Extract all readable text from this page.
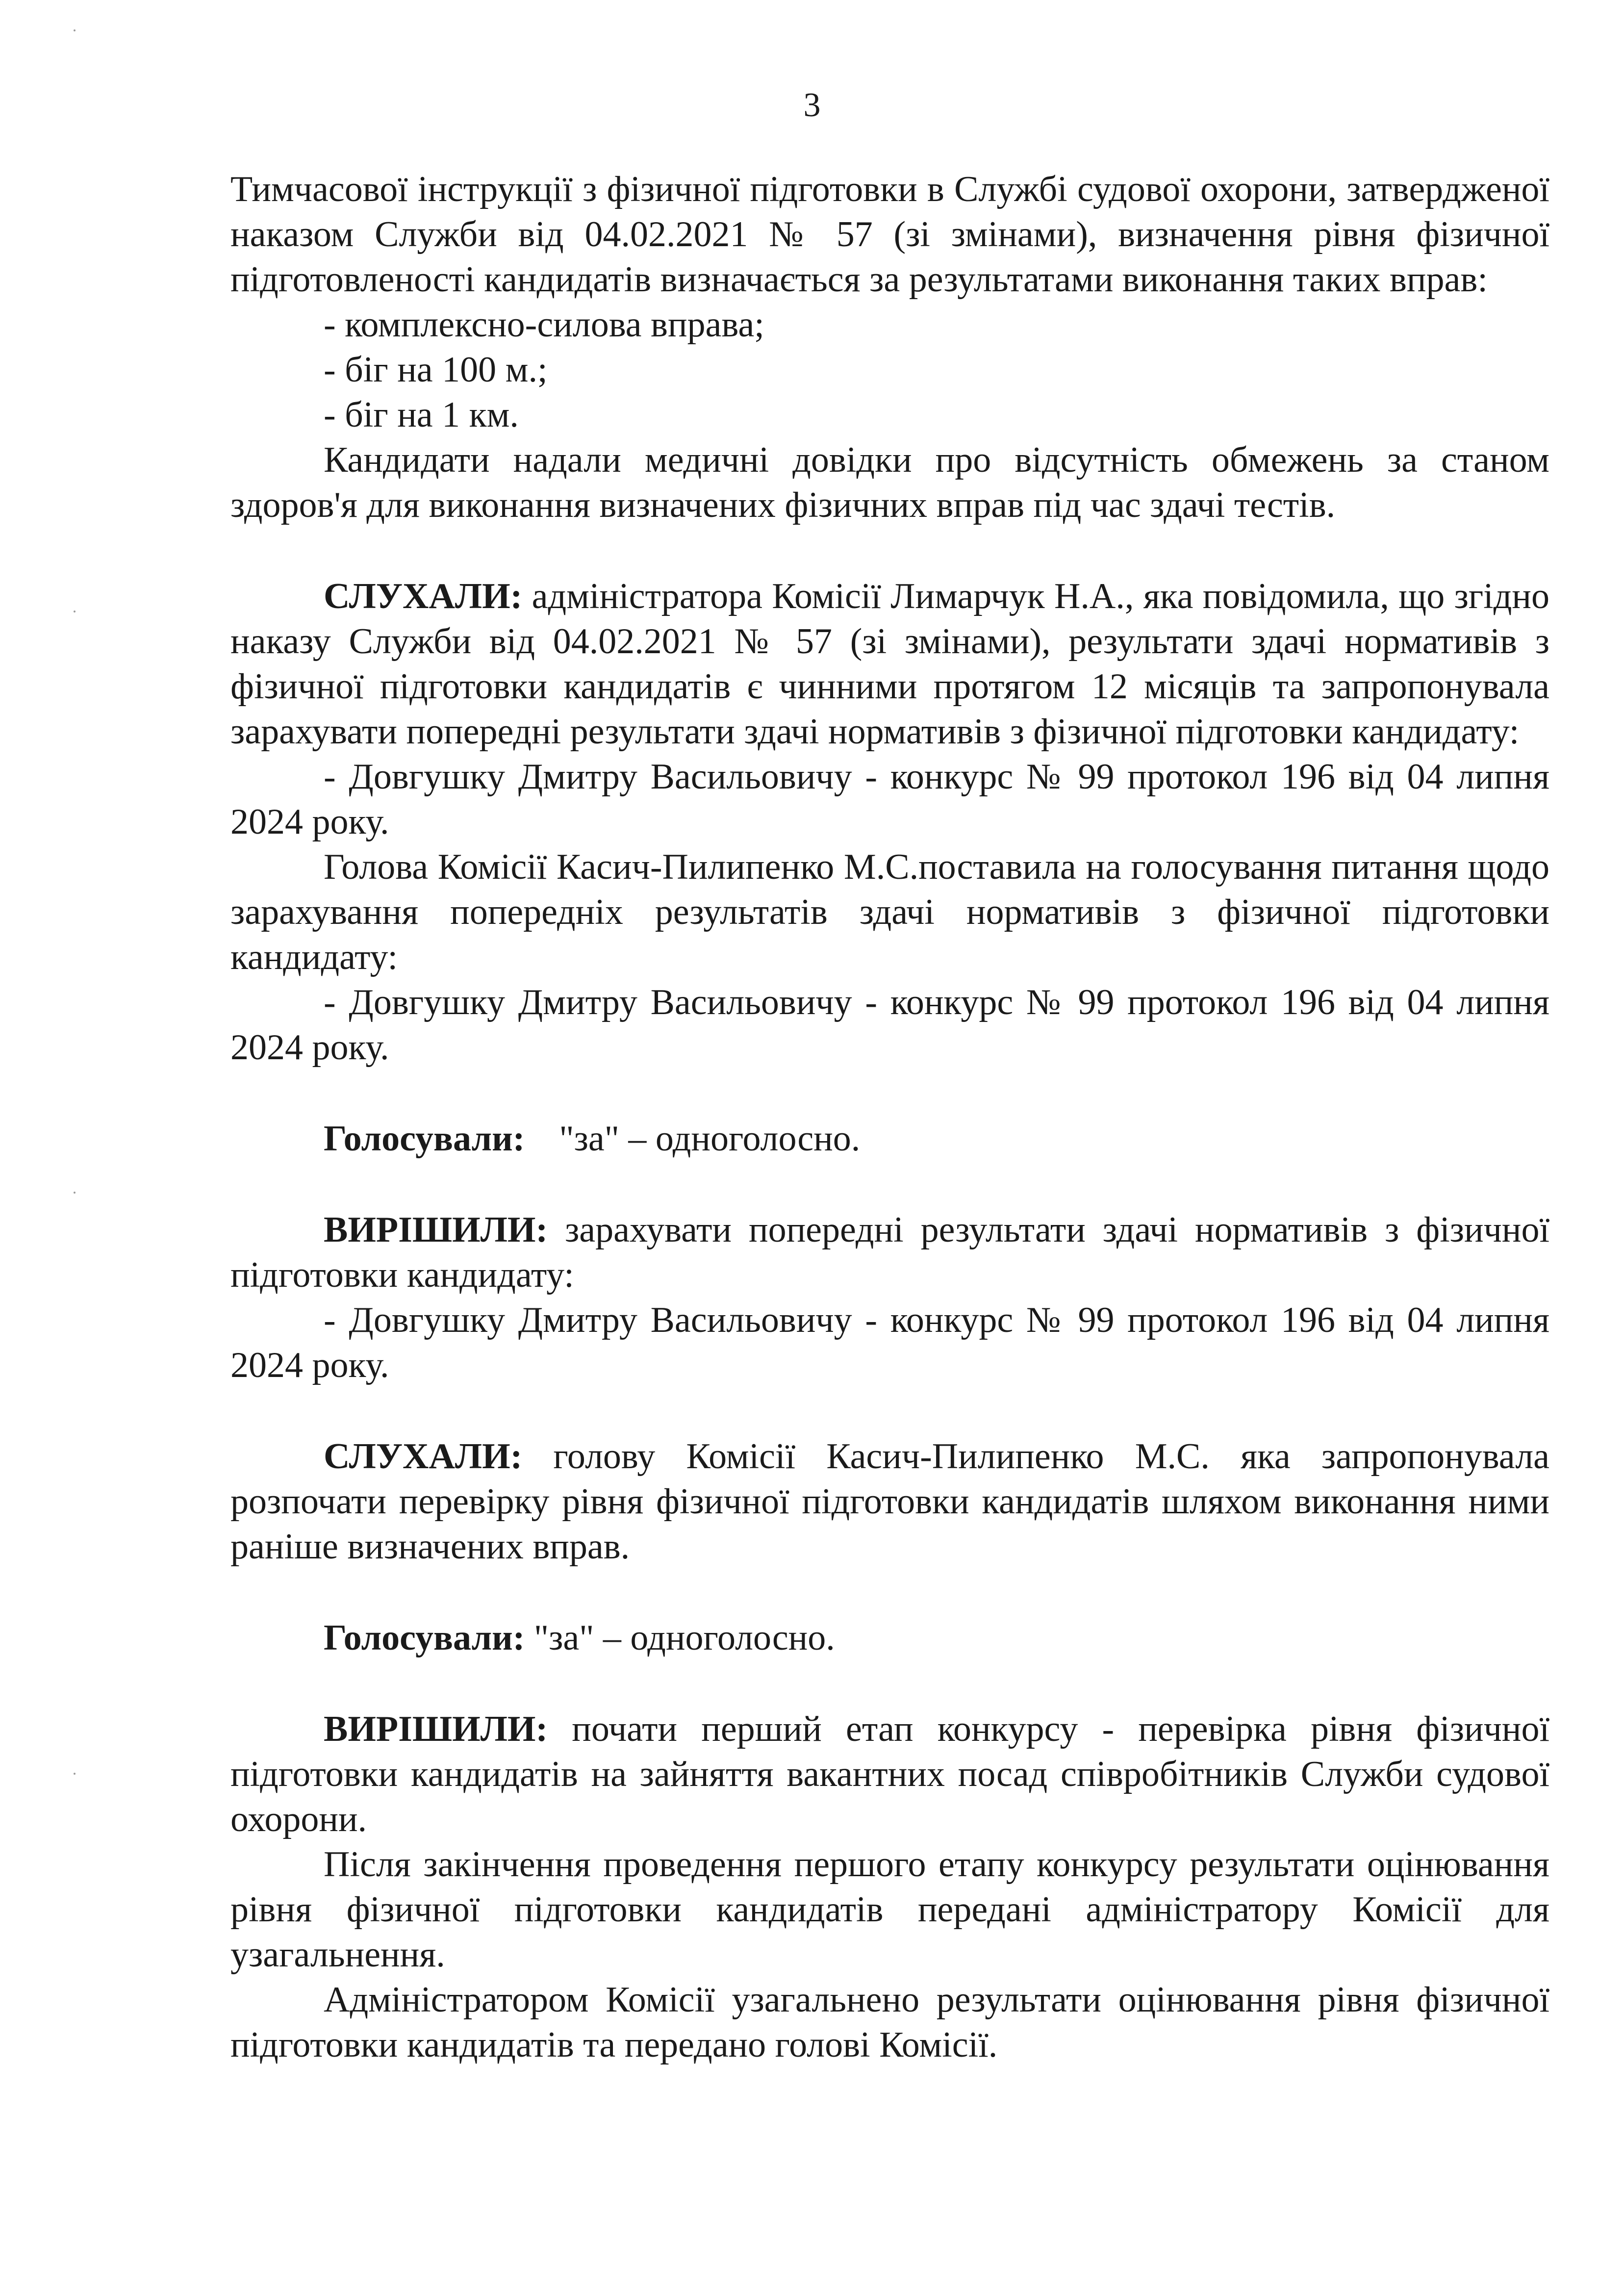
3

Тимчасової інструкції з фізичної підготовки в Службі судової охорони, затвердженої наказом Служби від 04.02.2021 № 57 (зі змінами), визначення рівня фізичної підготовленості кандидатів визначається за результатами виконання таких вправ:

- комплексно-силова вправа;

- біг на 100 м.;

- біг на 1 км.

Кандидати надали медичні довідки про відсутність обмежень за станом здоров'я для виконання визначених фізичних вправ під час здачі тестів.

СЛУХАЛИ: адміністратора Комісії Лимарчук Н.А., яка повідомила, що згідно наказу Служби від 04.02.2021 № 57 (зі змінами), результати здачі нормативів з фізичної підготовки кандидатів є чинними протягом 12 місяців та запропонувала зарахувати попередні результати здачі нормативів з фізичної підготовки кандидату:

- Довгушку Дмитру Васильовичу - конкурс № 99 протокол 196 від 04 липня 2024 року.

Голова Комісії Касич-Пилипенко М.С.поставила на голосування питання щодо зарахування попередніх результатів здачі нормативів з фізичної підготовки кандидату:

- Довгушку Дмитру Васильовичу - конкурс № 99 протокол 196 від 04 липня 2024 року.

Голосували: "за" – одноголосно.

ВИРІШИЛИ: зарахувати попередні результати здачі нормативів з фізичної підготовки кандидату:

- Довгушку Дмитру Васильовичу - конкурс № 99 протокол 196 від 04 липня 2024 року.

СЛУХАЛИ: голову Комісії Касич-Пилипенко М.С. яка запропонувала розпочати перевірку рівня фізичної підготовки кандидатів шляхом виконання ними раніше визначених вправ.

Голосували: "за" – одноголосно.

ВИРІШИЛИ: почати перший етап конкурсу - перевірка рівня фізичної підготовки кандидатів на зайняття вакантних посад співробітників Служби судової охорони.

Після закінчення проведення першого етапу конкурсу результати оцінювання рівня фізичної підготовки кандидатів передані адміністратору Комісії для узагальнення.

Адміністратором Комісії узагальнено результати оцінювання рівня фізичної підготовки кандидатів та передано голові Комісії.
